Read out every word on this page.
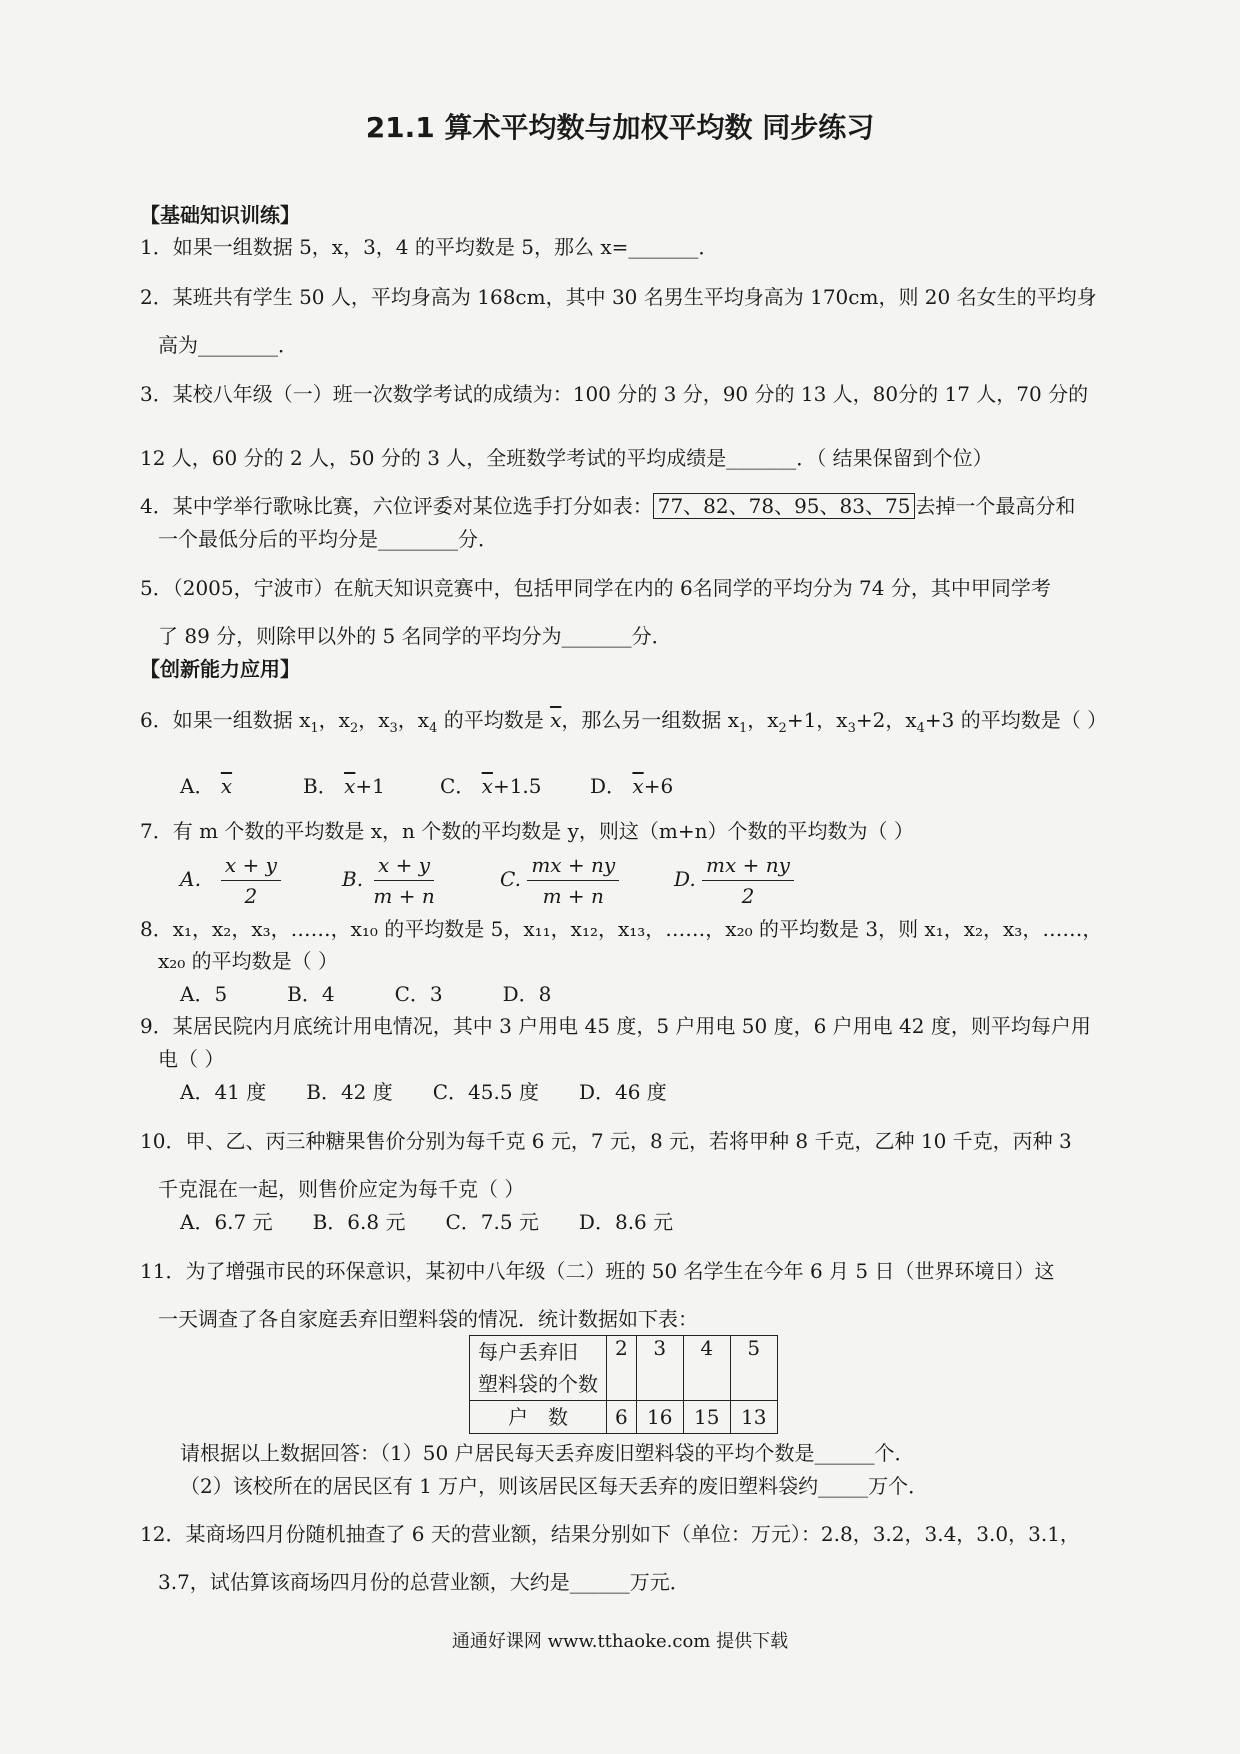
21.1 算术平均数与加权平均数 同步练习
【基础知识训练】
1．如果一组数据 5，x，3，4 的平均数是 5，那么 x=_______．
2．某班共有学生 50 人，平均身高为 168cm，其中 30 名男生平均身高为 170cm，则 20 名女生的平均身
高为________．
3．某校八年级（一）班一次数学考试的成绩为：100 分的 3 分，90 分的 13 人，80分的 17 人，70 分的
12 人，60 分的 2 人，50 分的 3 人，全班数学考试的平均成绩是_______．（ 结果保留到个位）
4．某中学举行歌咏比赛，六位评委对某位选手打分如表： 77、82、78、95、83、75 去掉一个最高分和
一个最低分后的平均分是________分．
5．（2005，宁波市）在航天知识竞赛中，包括甲同学在内的 6名同学的平均分为 74 分，其中甲同学考
了 89 分，则除甲以外的 5 名同学的平均分为_______分．
【创新能力应用】
6．如果一组数据 $x_1$，$x_2$，$x_3$，$x_4$ 的平均数是 $\overline{x}$，那么另一组数据 $x_1$，$x_2+1$，$x_3+2$，$x_4+3$ 的平均数是（ ）
A． $\overline{x}$	B． $\overline{x}+1$	C． $\overline{x}+1.5$ D． $\overline{x}+6$
7．有 m 个数的平均数是 x，n 个数的平均数是 y，则这（m+n）个数的平均数为（ ）
A． $\frac{x + y}{2}$	B. $\frac{x + y}{m + n}$	C. $\frac{mx + ny}{m + n}$	D. $\frac{mx + ny}{2}$
8．x₁，x₂，x₃，……，x₁₀ 的平均数是 5，x₁₁，x₁₂，x₁₃，……，x₂₀ 的平均数是 3，则 x₁，x₂，x₃，……，
x₂₀ 的平均数是（ ）
A．5　　　B．4　　　C．3　　　D．8
9．某居民院内月底统计用电情况，其中 3 户用电 45 度，5 户用电 50 度，6 户用电 42 度，则平均每户用
电（ ）
A．41 度　　B．42 度　　C．45.5 度　　D．46 度
10．甲、乙、丙三种糖果售价分别为每千克 6 元，7 元，8 元，若将甲种 8 千克，乙种 10 千克，丙种 3
千克混在一起，则售价应定为每千克（ ）
A．6.7 元　　B．6.8 元　　C．7.5 元　　D．8.6 元
11．为了增强市民的环保意识，某初中八年级（二）班的 50 名学生在今年 6 月 5 日（世界环境日）这
一天调查了各自家庭丢弃旧塑料袋的情况．统计数据如下表：
每户丢弃旧
塑料袋的个数	2	3	4	5
户　数	6	16	15	13
请根据以上数据回答：（1）50 户居民每天丢弃废旧塑料袋的平均个数是______个．
（2）该校所在的居民区有 1 万户，则该居民区每天丢弃的废旧塑料袋约_____万个．
12．某商场四月份随机抽查了 6 天的营业额，结果分别如下（单位：万元）：2.8，3.2，3.4，3.0，3.1，
3.7，试估算该商场四月份的总营业额，大约是______万元．
通通好课网 www.tthaoke.com 提供下载
